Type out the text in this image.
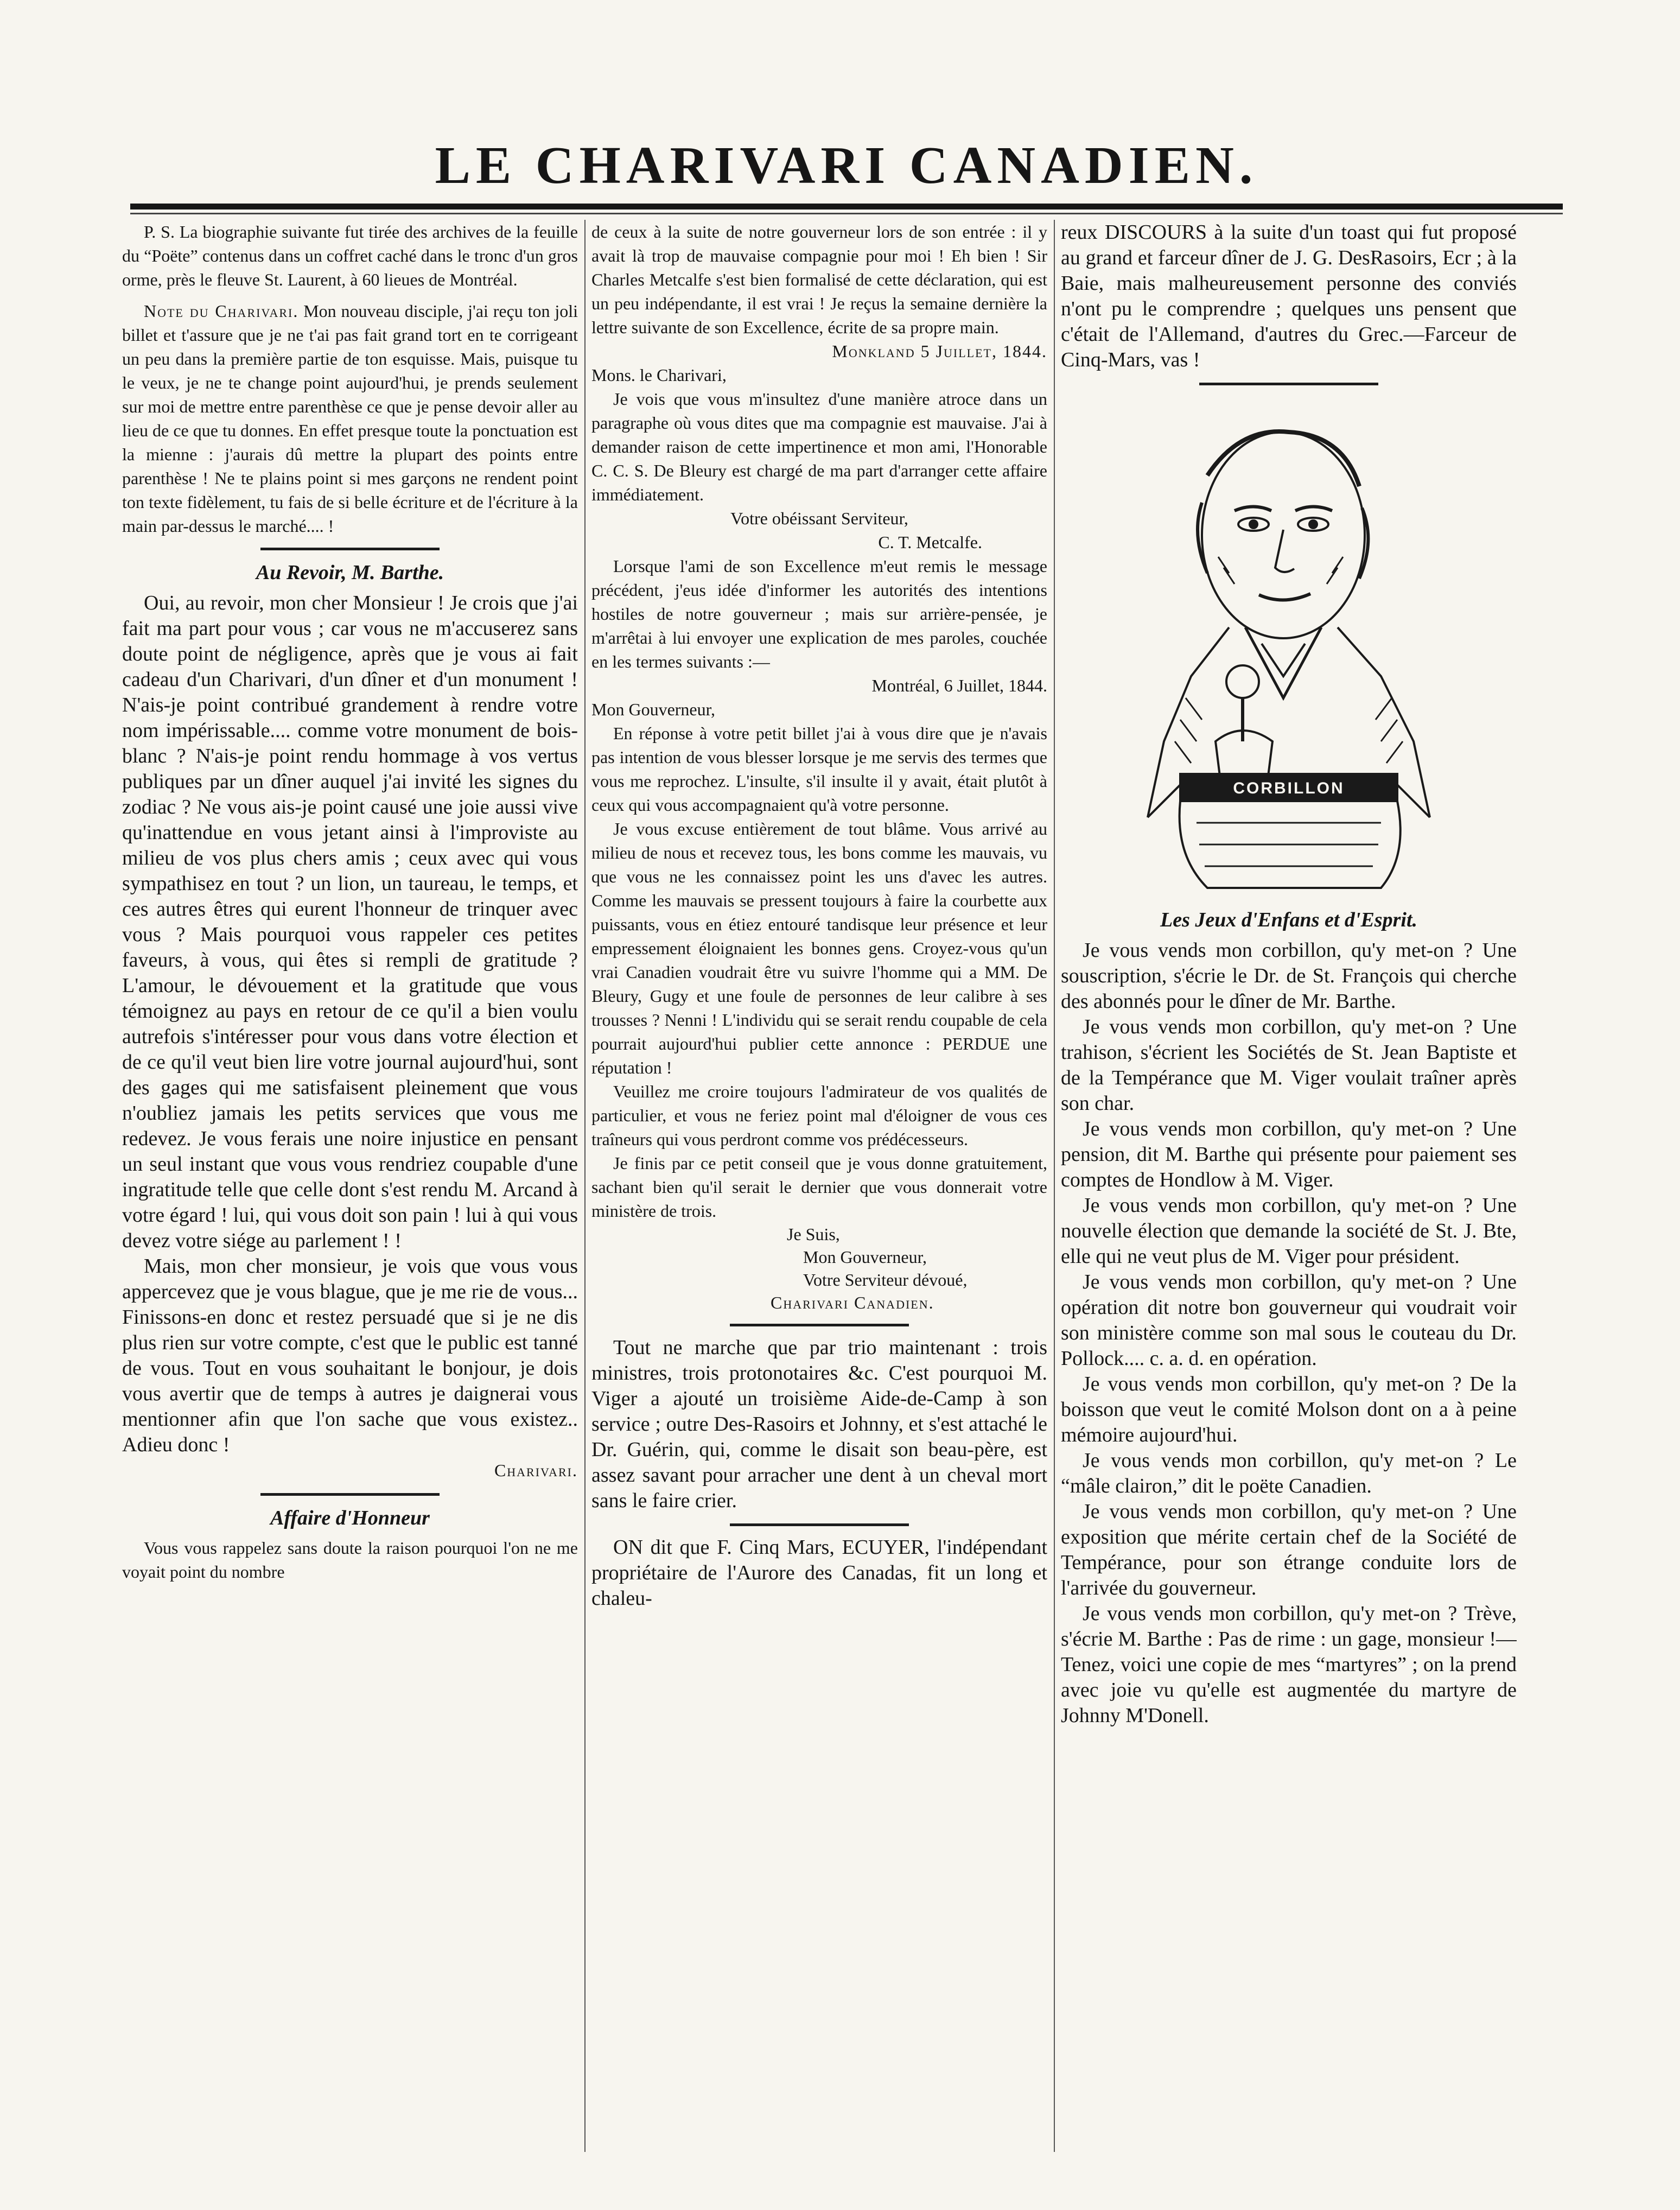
LE CHARIVARI CANADIEN.

P. S. La biographie suivante fut tirée des archives de la feuille du “Poëte” contenus dans un coffret caché dans le tronc d'un gros orme, près le fleuve St. Laurent, à 60 lieues de Montréal.

Note du Charivari. Mon nouveau disciple, j'ai reçu ton joli billet et t'assure que je ne t'ai pas fait grand tort en te corrigeant un peu dans la première partie de ton esquisse. Mais, puisque tu le veux, je ne te change point aujourd'hui, je prends seulement sur moi de mettre entre parenthèse ce que je pense devoir aller au lieu de ce que tu donnes. En effet presque toute la ponctuation est la mienne : j'aurais dû mettre la plupart des points entre parenthèse ! Ne te plains point si mes garçons ne rendent point ton texte fidèlement, tu fais de si belle écriture et de l'écriture à la main par-dessus le marché.... !

Au Revoir, M. Barthe.

Oui, au revoir, mon cher Monsieur ! Je crois que j'ai fait ma part pour vous ; car vous ne m'accuserez sans doute point de négligence, après que je vous ai fait cadeau d'un Charivari, d'un dîner et d'un monument ! N'ais-je point contribué grandement à rendre votre nom impérissable.... comme votre monument de bois-blanc ? N'ais-je point rendu hommage à vos vertus publiques par un dîner auquel j'ai invité les signes du zodiac ? Ne vous ais-je point causé une joie aussi vive qu'inattendue en vous jetant ainsi à l'improviste au milieu de vos plus chers amis ; ceux avec qui vous sympathisez en tout ? un lion, un taureau, le temps, et ces autres êtres qui eurent l'honneur de trinquer avec vous ? Mais pourquoi vous rappeler ces petites faveurs, à vous, qui êtes si rempli de gratitude ? L'amour, le dévouement et la gratitude que vous témoignez au pays en retour de ce qu'il a bien voulu autrefois s'intéresser pour vous dans votre élection et de ce qu'il veut bien lire votre journal aujourd'hui, sont des gages qui me satisfaisent pleinement que vous n'oubliez jamais les petits services que vous me redevez. Je vous ferais une noire injustice en pensant un seul instant que vous vous rendriez coupable d'une ingratitude telle que celle dont s'est rendu M. Arcand à votre égard ! lui, qui vous doit son pain ! lui à qui vous devez votre siége au parlement ! !

Mais, mon cher monsieur, je vois que vous vous appercevez que je vous blague, que je me rie de vous... Finissons-en donc et restez persuadé que si je ne dis plus rien sur votre compte, c'est que le public est tanné de vous. Tout en vous souhaitant le bonjour, je dois vous avertir que de temps à autres je daignerai vous mentionner afin que l'on sache que vous existez.. Adieu donc !

Charivari.

Affaire d'Honneur

Vous vous rappelez sans doute la raison pourquoi l'on ne me voyait point du nombre

de ceux à la suite de notre gouverneur lors de son entrée : il y avait là trop de mauvaise compagnie pour moi ! Eh bien ! Sir Charles Metcalfe s'est bien formalisé de cette déclaration, qui est un peu indépendante, il est vrai ! Je reçus la semaine dernière la lettre suivante de son Excellence, écrite de sa propre main.

Monkland 5 Juillet, 1844.

Mons. le Charivari,

Je vois que vous m'insultez d'une manière atroce dans un paragraphe où vous dites que ma compagnie est mauvaise. J'ai à demander raison de cette impertinence et mon ami, l'Honorable C. C. S. De Bleury est chargé de ma part d'arranger cette affaire immédiatement.

Votre obéissant Serviteur,

C. T. Metcalfe.

Lorsque l'ami de son Excellence m'eut remis le message précédent, j'eus idée d'informer les autorités des intentions hostiles de notre gouverneur ; mais sur arrière-pensée, je m'arrêtai à lui envoyer une explication de mes paroles, couchée en les termes suivants :—

Montréal, 6 Juillet, 1844.

Mon Gouverneur,

En réponse à votre petit billet j'ai à vous dire que je n'avais pas intention de vous blesser lorsque je me servis des termes que vous me reprochez. L'insulte, s'il insulte il y avait, était plutôt à ceux qui vous accompagnaient qu'à votre personne.

Je vous excuse entièrement de tout blâme. Vous arrivé au milieu de nous et recevez tous, les bons comme les mauvais, vu que vous ne les connaissez point les uns d'avec les autres. Comme les mauvais se pressent toujours à faire la courbette aux puissants, vous en étiez entouré tandisque leur présence et leur empressement éloignaient les bonnes gens. Croyez-vous qu'un vrai Canadien voudrait être vu suivre l'homme qui a MM. De Bleury, Gugy et une foule de personnes de leur calibre à ses trousses ? Nenni ! L'individu qui se serait rendu coupable de cela pourrait aujourd'hui publier cette annonce : PERDUE une réputation !

Veuillez me croire toujours l'admirateur de vos qualités de particulier, et vous ne feriez point mal d'éloigner de vous ces traîneurs qui vous perdront comme vos prédécesseurs.

Je finis par ce petit conseil que je vous donne gratuitement, sachant bien qu'il serait le dernier que vous donnerait votre ministère de trois.

Je Suis,

Mon Gouverneur,

Votre Serviteur dévoué,

Charivari Canadien.

Tout ne marche que par trio maintenant : trois ministres, trois protonotaires &c. C'est pourquoi M. Viger a ajouté un troisième Aide-de-Camp à son service ; outre Des-Rasoirs et Johnny, et s'est attaché le Dr. Guérin, qui, comme le disait son beau-père, est assez savant pour arracher une dent à un cheval mort sans le faire crier.

ON dit que F. Cinq Mars, ECUYER, l'indépendant propriétaire de l'Aurore des Canadas, fit un long et chaleu-

reux DISCOURS à la suite d'un toast qui fut proposé au grand et farceur dîner de J. G. DesRasoirs, Ecr ; à la Baie, mais malheureusement personne des conviés n'ont pu le comprendre ; quelques uns pensent que c'était de l'Allemand, d'autres du Grec.—Farceur de Cinq-Mars, vas !

CORBILLON
Les Jeux d'Enfans et d'Esprit.

Je vous vends mon corbillon, qu'y met-on ? Une souscription, s'écrie le Dr. de St. François qui cherche des abonnés pour le dîner de Mr. Barthe.

Je vous vends mon corbillon, qu'y met-on ? Une trahison, s'écrient les Sociétés de St. Jean Baptiste et de la Tempérance que M. Viger voulait traîner après son char.

Je vous vends mon corbillon, qu'y met-on ? Une pension, dit M. Barthe qui présente pour paiement ses comptes de Hondlow à M. Viger.

Je vous vends mon corbillon, qu'y met-on ? Une nouvelle élection que demande la société de St. J. Bte, elle qui ne veut plus de M. Viger pour président.

Je vous vends mon corbillon, qu'y met-on ? Une opération dit notre bon gouverneur qui voudrait voir son ministère comme son mal sous le couteau du Dr. Pollock.... c. a. d. en opération.

Je vous vends mon corbillon, qu'y met-on ? De la boisson que veut le comité Molson dont on a à peine mémoire aujourd'hui.

Je vous vends mon corbillon, qu'y met-on ? Le “mâle clairon,” dit le poëte Canadien.

Je vous vends mon corbillon, qu'y met-on ? Une exposition que mérite certain chef de la Société de Tempérance, pour son étrange conduite lors de l'arrivée du gouverneur.

Je vous vends mon corbillon, qu'y met-on ? Trève, s'écrie M. Barthe : Pas de rime : un gage, monsieur !—Tenez, voici une copie de mes “martyres” ; on la prend avec joie vu qu'elle est augmentée du martyre de Johnny M'Donell.
